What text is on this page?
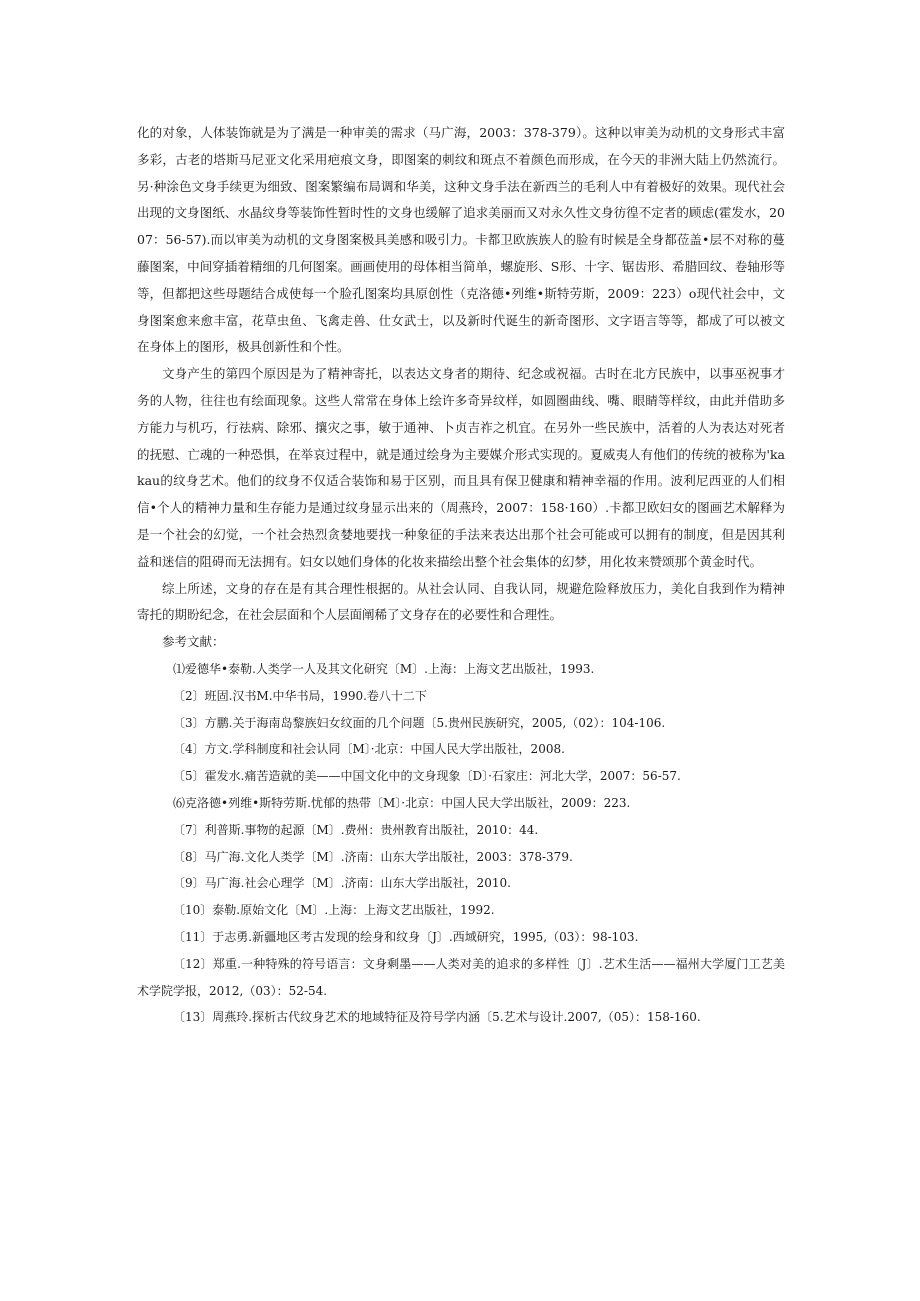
化的对象，人体装饰就是为了满是一种审美的需求（马广海，2003：378-379）。这种以审美为动机的文身形式丰富多彩，古老的塔斯马尼亚文化采用疤痕文身，即图案的刺纹和斑点不着颜色而形成，在今天的非洲大陆上仍然流行。另·种涂色文身手续更为细致、图案繁编布局调和华美，这种文身手法在新西兰的毛利人中有着极好的效果。现代社会出现的文身图纸、水晶纹身等装饰性暂时性的文身也缓解了追求美丽而又对永久性文身彷徨不定者的顾虑(霍发水，2007：56-57).而以审美为动机的文身图案极具美感和吸引力。卡都卫欧族族人的脸有时候是全身都莅盖•层不对称的蔓藤图案，中间穿插着精细的几何图案。画画使用的母体相当简单，螺旋形、S形、十字、锯齿形、希腊回纹、卷轴形等等，但都把这些母题结合成使每一个脸孔图案均具原创性（克洛德•列维•斯特劳斯，2009：223）o现代社会中，文身图案愈来愈丰富，花草虫鱼、飞禽走兽、仕女武士，以及新时代诞生的新奇图形、文字语言等等，都成了可以被文在身体上的图形，极具创新性和个性。

文身产生的第四个原因是为了精神寄托，以表达文身者的期待、纪念或祝福。古时在北方民族中，以事巫祝事才务的人物，往往也有绘面现象。这些人常常在身体上绘许多奇异纹样，如圆圈曲线、嘴、眼睛等样纹，由此并借助多方能力与机巧，行祛病、除邪、攘灾之事，敏于通神、卜贞吉祚之机宜。在另外一些民族中，活着的人为表达对死者的抚慰、亡魂的一种恐惧，在举哀过程中，就是通过绘身为主要媒介形式实现的。夏威夷人有他们的传统的被称为'kakau的纹身艺术。他们的纹身不仅适合装饰和易于区别，而且具有保卫健康和精神幸福的作用。波利尼西亚的人们相信•个人的精神力量和生存能力是通过纹身显示出来的（周燕玲，2007：158·160）.卡都卫欧妇女的图画艺术解释为是一个社会的幻觉，一个社会热烈贪婪地要找一种象征的手法来表达出那个社会可能或可以拥有的制度，但是因其利益和迷信的阻碍而无法拥有。妇女以她们身体的化妆来描绘出整个社会集体的幻梦，用化妆来赞颂那个黄金时代。

综上所述，文身的存在是有其合理性根据的。从社会认同、自我认同，规避危险释放压力，美化自我到作为精神寄托的期盼纪念，在社会层面和个人层面阐稀了文身存在的必要性和合理性。

参考文献：

⑴爱德华•泰勒.人类学一人及其文化研究〔M〕.上海：上海文艺出版社，1993.
〔2〕班固.汉书M.中华书局，1990.卷八十二下
〔3〕方鹏.关于海南岛黎族妇女纹面的几个问题〔5.贵州民族研究，2005,（02）：104-106.
〔4〕方文.学科制度和社会认同〔M〕·北京：中国人民大学出版社，2008.
〔5〕霍发水.痛苦造就的美——中国文化中的文身现象〔D〕·石家庄：河北大学，2007：56-57.
⑹克洛德•列维•斯特劳斯.忧郁的热带〔M〕·北京：中国人民大学出版社，2009：223.
〔7〕利普斯.事物的起源〔M〕.费州：贵州教育出版社，2010：44.
〔8〕马广海.文化人类学〔M〕.济南：山东大学出版社，2003：378-379.
〔9〕马广海.社会心理学〔M〕.济南：山东大学出版社，2010.
〔10〕泰勒.原始文化〔M〕.上海：上海文艺出版社，1992.
〔11〕于志勇.新疆地区考古发现的绘身和纹身〔J〕.西域研究，1995,（03）：98-103.
〔12〕郑重.一种特殊的符号语言：文身剩墨——人类对美的追求的多样性〔J〕.艺术生活——福州大学厦门工艺美术学院学报，2012,（03）：52-54.
〔13〕周燕玲.探析古代纹身艺术的地域特征及符号学内涵〔5.艺术与设计.2007,（05）：158-160.
